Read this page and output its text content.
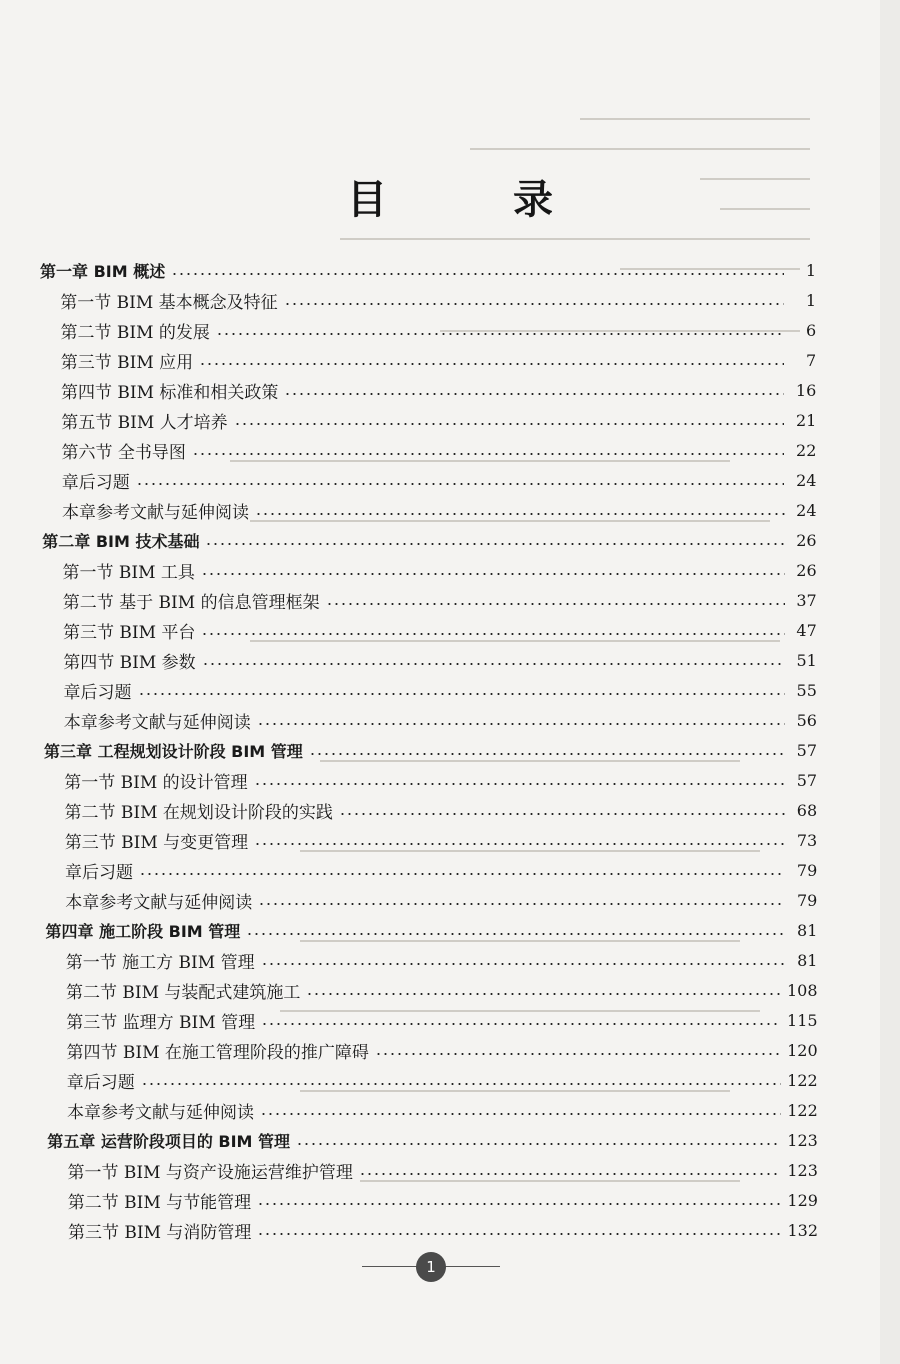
目 录
第一章 BIM 概述	1
第一节 BIM 基本概念及特征	1
第二节 BIM 的发展	6
第三节 BIM 应用	7
第四节 BIM 标准和相关政策	16
第五节 BIM 人才培养	21
第六节 全书导图	22
章后习题	24
本章参考文献与延伸阅读	24
第二章 BIM 技术基础	26
第一节 BIM 工具	26
第二节 基于 BIM 的信息管理框架	37
第三节 BIM 平台	47
第四节 BIM 参数	51
章后习题	55
本章参考文献与延伸阅读	56
第三章 工程规划设计阶段 BIM 管理	57
第一节 BIM 的设计管理	57
第二节 BIM 在规划设计阶段的实践	68
第三节 BIM 与变更管理	73
章后习题	79
本章参考文献与延伸阅读	79
第四章 施工阶段 BIM 管理	81
第一节 施工方 BIM 管理	81
第二节 BIM 与装配式建筑施工	108
第三节 监理方 BIM 管理	115
第四节 BIM 在施工管理阶段的推广障碍	120
章后习题	122
本章参考文献与延伸阅读	122
第五章 运营阶段项目的 BIM 管理	123
第一节 BIM 与资产设施运营维护管理	123
第二节 BIM 与节能管理	129
第三节 BIM 与消防管理	132
1
